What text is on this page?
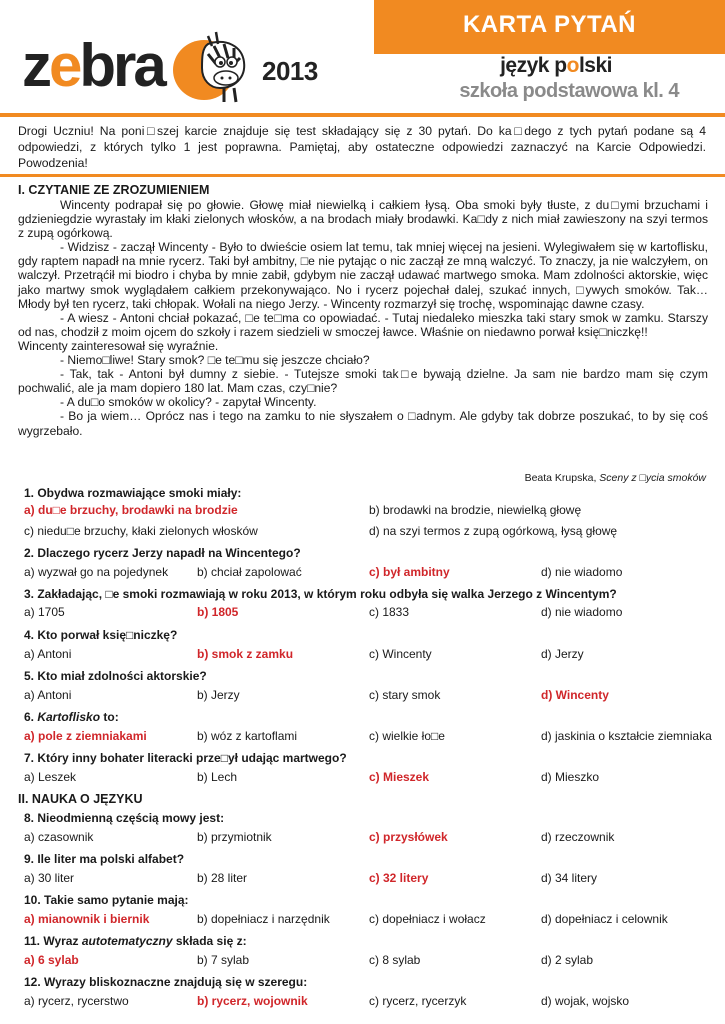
KARTA PYTAŃ
zebra	2013	język polski
szkoła podstawowa kl. 4
Drogi Uczniu! Na poni□szej karcie znajduje się test składający się z 30 pytań. Do ka□dego z tych pytań podane są 4 odpowiedzi, z których tylko 1 jest poprawna. Pamiętaj, aby ostateczne odpowiedzi zaznaczyć na Karcie Odpowiedzi. Powodzenia!
I. CZYTANIE ZE ZROZUMIENIEM

Wincenty podrapał się po głowie. Głowę miał niewielką i całkiem łysą. Oba smoki były tłuste, z du□ymi brzuchami i gdzieniegdzie wyrastały im kłaki zielonych włosków, a na brodach miały brodawki. Ka□dy z nich miał zawieszony na szyi termos z zupą ogórkową.

- Widzisz - zaczął Wincenty - Było to dwieście osiem lat temu, tak mniej więcej na jesieni. Wylegiwałem się w kartoflisku, gdy raptem napadł na mnie rycerz. Taki był ambitny, □e nie pytając o nic zaczął ze mną walczyć. To znaczy, ja nie walczyłem, on walczył. Przetrąćił mi biodro i chyba by mnie zabił, gdybym nie zaczął udawać martwego smoka. Mam zdolności aktorskie, więc jako martwy smok wyglądałem całkiem przekonywająco. No i rycerz pojechał dalej, szukać innych, □ywych smoków. Tak… Młody był ten rycerz, taki chłopak. Wołali na niego Jerzy. - Wincenty rozmarzył się trochę, wspominając dawne czasy.

- A wiesz - Antoni chciał pokazać, □e te□ma co opowiadać. - Tutaj niedaleko mieszka taki stary smok w zamku. Starszy od nas, chodził z moim ojcem do szkoły i razem siedzieli w smoczej ławce. Właśnie on niedawno porwał księ□niczkę!!

Wincenty zainteresował się wyraźnie.

- Niemo□liwe! Stary smok? □e te□mu się jeszcze chciało?

- Tak, tak - Antoni był dumny z siebie. - Tutejsze smoki tak□e bywają dzielne. Ja sam nie bardzo mam się czym pochwalić, ale ja mam dopiero 180 lat. Mam czas, czy□nie?

- A du□o smoków w okolicy? - zapytał Wincenty.

- Bo ja wiem… Oprócz nas i tego na zamku to nie słyszałem o □adnym. Ale gdyby tak dobrze poszukać, to by się coś wygrzebało.

Beata Krupska, Sceny z □ycia smoków
1. Obydwa rozmawiające smoki miały:
a) du□e brzuchy, brodawki na brodzie	b) brodawki na brodzie, niewielką głowę
c) niedu□e brzuchy, kłaki zielonych włosków	d) na szyi termos z zupą ogórkową, łysą głowę
2. Dlaczego rycerz Jerzy napadł na Wincentego?
a) wyzwał go na pojedynek b) chciał zapolować	c) był ambitny	d) nie wiadomo
3. Zakładając, □e smoki rozmawiają w roku 2013, w którym roku odbyła się walka Jerzego z Wincentym?
a) 1705	b) 1805	c) 1833	d) nie wiadomo
4. Kto porwał księ□niczkę?
a) Antoni	b) smok z zamku	c) Wincenty	d) Jerzy
5. Kto miał zdolności aktorskie?
a) Antoni	b) Jerzy	c) stary smok	d) Wincenty
6. Kartoflisko to:
a) pole z ziemniakami	b) wóz z kartoflami	c) wielkie ło□e	d) jaskinia o kształcie ziemniaka
7. Który inny bohater literacki prze□ył udając martwego?
a) Leszek	b) Lech	c) Mieszek	d) Mieszko
II. NAUKA O JĘZYKU
8. Nieodmienną częścią mowy jest:
a) czasownik	b) przymiotnik	c) przysłówek	d) rzeczownik
9. Ile liter ma polski alfabet?
a) 30 liter	b) 28 liter	c) 32 litery	d) 34 litery
10. Takie samo pytanie mają:
a) mianownik i biernik	b) dopełniacz i narzędnik	c) dopełniacz i wołacz	d) dopełniacz i celownik
11. Wyraz autotematyczny składa się z:
a) 6 sylab	b) 7 sylab	c) 8 sylab	d) 2 sylab
12. Wyrazy bliskoznaczne znajdują się w szeregu:
a) rycerz, rycerstwo	b) rycerz, wojownik	c) rycerz, rycerzyk	d) wojak, wojsko
